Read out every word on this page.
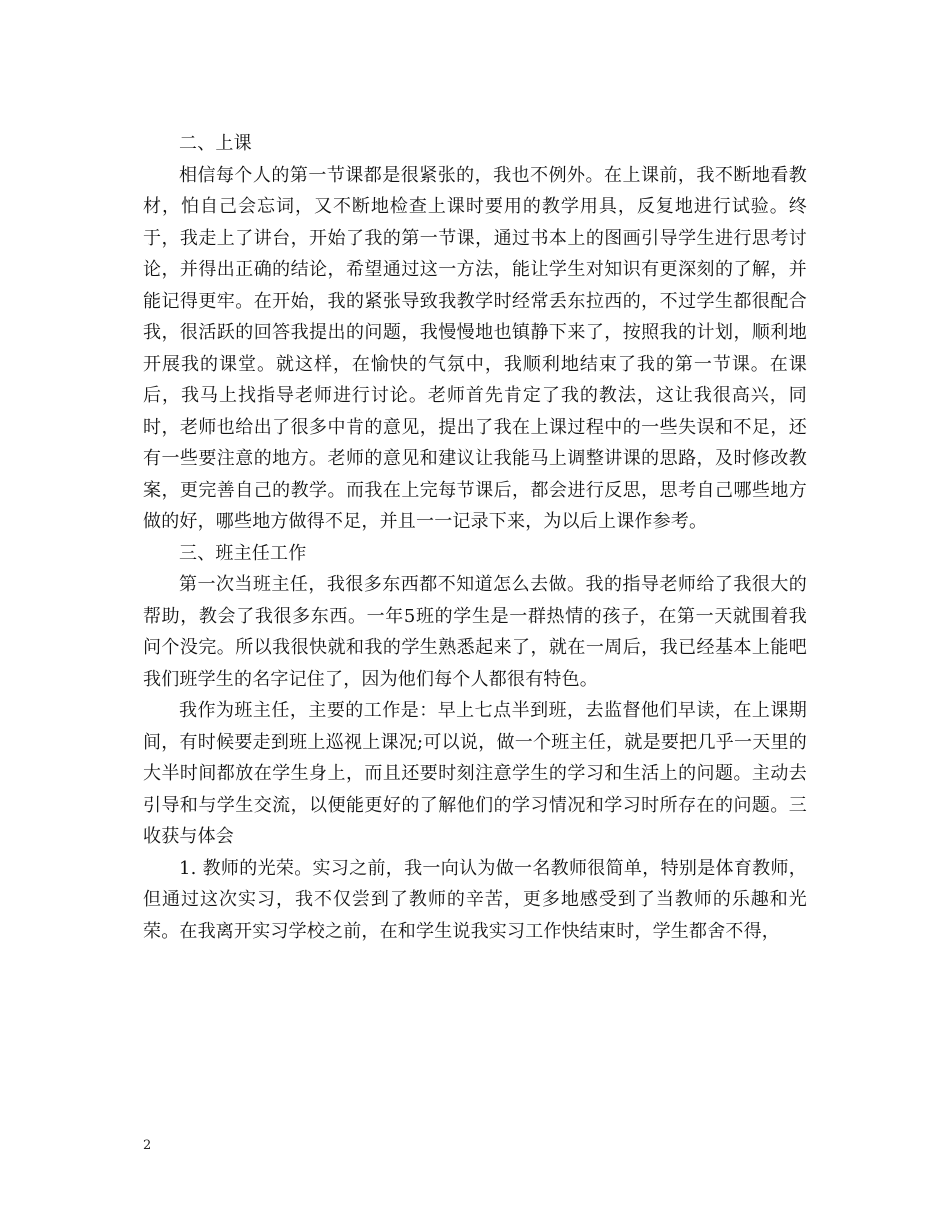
二、上课

相信每个人的第一节课都是很紧张的，我也不例外。在上课前，我不断地看教材，怕自己会忘词，又不断地检查上课时要用的教学用具，反复地进行试验。终于，我走上了讲台，开始了我的第一节课，通过书本上的图画引导学生进行思考讨论，并得出正确的结论，希望通过这一方法，能让学生对知识有更深刻的了解，并能记得更牢。在开始，我的紧张导致我教学时经常丢东拉西的，不过学生都很配合我，很活跃的回答我提出的问题，我慢慢地也镇静下来了，按照我的计划，顺利地开展我的课堂。就这样，在愉快的气氛中，我顺利地结束了我的第一节课。在课后，我马上找指导老师进行讨论。老师首先肯定了我的教法，这让我很高兴，同时，老师也给出了很多中肯的意见，提出了我在上课过程中的一些失误和不足，还有一些要注意的地方。老师的意见和建议让我能马上调整讲课的思路，及时修改教案，更完善自己的教学。而我在上完每节课后，都会进行反思，思考自己哪些地方做的好，哪些地方做得不足，并且一一记录下来，为以后上课作参考。

三、班主任工作

第一次当班主任，我很多东西都不知道怎么去做。我的指导老师给了我很大的帮助，教会了我很多东西。一年5班的学生是一群热情的孩子，在第一天就围着我问个没完。所以我很快就和我的学生熟悉起来了，就在一周后，我已经基本上能吧我们班学生的名字记住了，因为他们每个人都很有特色。

我作为班主任，主要的工作是：早上七点半到班，去监督他们早读，在上课期间，有时候要走到班上巡视上课况;可以说，做一个班主任，就是要把几乎一天里的大半时间都放在学生身上，而且还要时刻注意学生的学习和生活上的问题。主动去引导和与学生交流，以便能更好的了解他们的学习情况和学习时所存在的问题。三收获与体会

1. 教师的光荣。实习之前，我一向认为做一名教师很简单，特别是体育教师，但通过这次实习，我不仅尝到了教师的辛苦，更多地感受到了当教师的乐趣和光荣。在我离开实习学校之前，在和学生说我实习工作快结束时，学生都舍不得，

2
